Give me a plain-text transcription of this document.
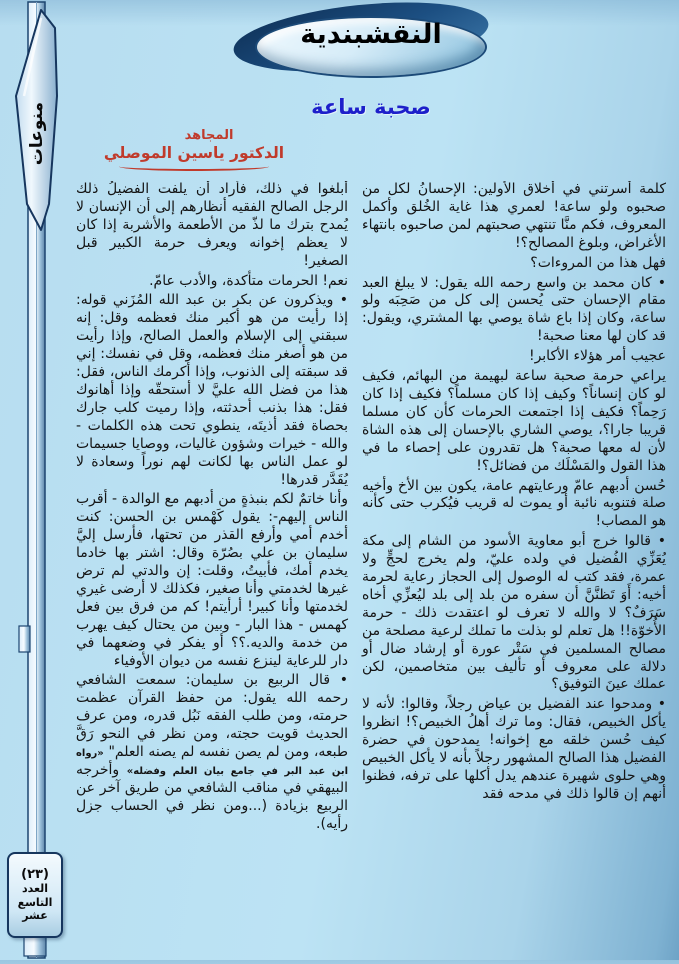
منوعات
(٢٣)
العدد
التاسع
عشر
النقشبندية
صحبة ساعة
المجاهد
الدكتور ياسين الموصلي

كلمة أسرتني في أخلاق الأولين: الإحسانُ لكل من صحبوه ولو ساعة! لعمري هذا غاية الخُلق وأكمل المعروف، فكم منَّا تنتهي صحبتهم لمن صاحبوه بانتهاء الأغراض، وبلوغ المصالح؟!

فهل هذا من المروءات؟

• كان محمد بن واسع رحمه الله يقول: لا يبلغ العبد مقام الإحسان حتى يُحسن إلى كل من صَحِبَه ولو ساعة، وكان إذا باع شاة يوصي بها المشتري، ويقول: قد كان لها معنا صحبة!

عجيب أمر هؤلاء الأكابر!

يراعي حرمة صحبة ساعة لبهيمة من البهائم، فكيف لو كان إنساناً؟ وكيف إذا كان مسلماً؟ فكيف إذا كان رَحِماً؟ فكيف إذا اجتمعت الحرمات كأن كان مسلما قريبا جارا؟، يوصي الشاري بالإحسان إلى هذه الشاة لأن له معها صحبة؟ هل تقدرون على إحصاء ما في هذا القول والمَسْلَك من فضائل؟!

حُسن أدبهم عامّ ورعايتهم عامة، يكون بين الأخ وأخيه صلة فتنوبه نائبة أو يموت له قريب فيُكرب حتى كأنه هو المصاب!

• قالوا خرج أبو معاوية الأسود من الشام إلى مكة يُعَزِّي الفُضيل في ولده عليّ، ولم يخرج لحجٍّ ولا عمرة، فقد كتب له الوصول إلى الحجاز رعاية لحرمة أخيه: أَوَ تَظنَّنَّ أن سفره من بلد إلى بلد ليُعزِّي أخاه سَرَفٌ؟ لا والله لا تعرف لو اعتقدت ذلك - حرمة الأُخوّة!! هل تعلم لو بذلت ما تملك لرعية مصلحة من مصالح المسلمين في سَتْر عورة أو إرشاد ضال أو دلالة على معروف أو تأليف بين متخاصمين، لكن عملك عينَ التوفيق؟

• ومدحوا عند الفضيل بن عياض رجلاً، وقالوا: لأنه لا يأكل الخبيص، فقال: وما ترك أهلُ الخبيص؟! انظروا كيف حُسن خلقه مع إخوانه! يمدحون في حضرة الفضيل هذا الصالح المشهور رجلاً بأنه لا يأكل الخبيص وهي حلوى شهيرة عندهم يدل أكلها على ترفه، فظنوا أنهم إن قالوا ذلك في مدحه فقد

أبلغوا في ذلك، فأراد أن يلفت الفضيلُ ذلك الرجل الصالح الفقيه أنظارهم إلى أن الإنسان لا يُمدح بترك ما لذّ من الأطعمة والأشربة إذا كان لا يعظم إخوانه ويعرف حرمة الكبير قبل الصغير!

نعم! الحرمات متأكدة، والأدب عامّ.

• ويذكرون عن بكر بن عبد الله المُزَني قوله: إذا رأيت من هو أكبر منك فعظمه وقل: إنه سبقني إلى الإسلام والعمل الصالح، وإذا رأيت من هو أصغر منك فعظمه، وقل في نفسك: إني قد سبقته إلى الذنوب، وإذا أكرمك الناس، فقل: هذا من فضل الله عليَّ لا أستحقّه وإذا أهانوك فقل: هذا بذنب أحدثته، وإذا رميت كلب جارك بحصاة فقد أذيتَه، ينطوي تحت هذه الكلمات - والله - خيرات وشؤون غاليات، ووصايا جسيمات لو عمل الناس بها لكانت لهم نوراً وسعادة لا يُقَدَّر قدرها!

وأنا خاتمٌ لكم بنبذةٍ من أدبهم مع الوالدة - أقرب الناس إليهم-: يقول كَهْمس بن الحسن: كنت أخدم أمي وأرفع القذر من تحتها، فأرسل إليَّ سليمان بن علي بصُرّة وقال: اشتر بها خادما يخدم أمك، فأبيتُ، وقلت: إن والدتي لم ترض غيرها لخدمتي وأنا صغير، فكذلك لا أرضى غيري لخدمتها وأنا كبير! أرأيتم! كم من فرق بين فعل كهمس - هذا البار - وبين من يحتال كيف يهرب من خدمة والديه.؟؟ أو يفكر في وضعهما في دار للرعاية لينزع نفسه من ديوان الأوفياء

• قال الربيع بن سليمان: سمعت الشافعي رحمه الله يقول: من حفظ القرآن عظمت حرمته، ومن طلب الفقه نَبُل قدره، ومن عرف الحديث قويت حجته، ومن نظر في النحو رَقَّ طبعه، ومن لم يصن نفسه لم يصنه العلم" «رواه ابن عبد البر في جامع بيان العلم وفضله» وأخرجه البيهقي في مناقب الشافعي من طريق آخر عن الربيع بزيادة (...ومن نظر في الحساب جزل رأيه).
